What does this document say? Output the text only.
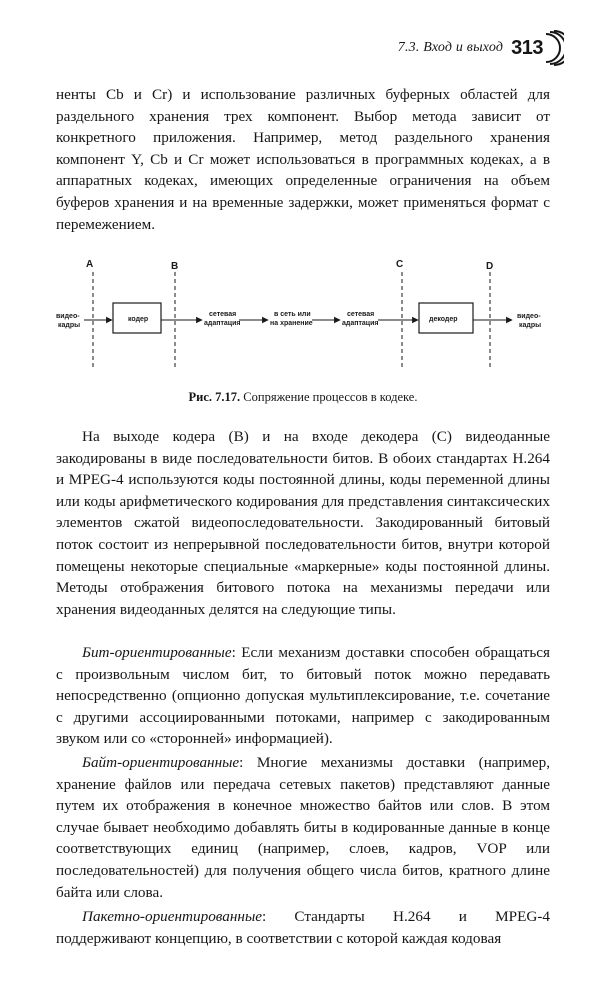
7.3. Вход и выход 313

ненты Cb и Cr) и использование различных буферных областей для раздельного хранения трех компонент. Выбор метода зависит от конкретного приложения. Например, метод раздельного хранения компонент Y, Cb и Cr может использоваться в программных кодеках, а в аппаратных кодеках, имеющих определенные ограничения на объем буферов хранения и на временные задержки, может применяться формат с перемежением.

A	B	C	D
видео-
кадры
кодер
сетевая
адаптация
в сеть или
на хранение
сетевая
адаптация
декодер	видео-
кадры
Рис. 7.17. Сопряжение процессов в кодеке.

На выходе кодера (B) и на входе декодера (C) видеоданные закодированы в виде последовательности битов. В обоих стандартах H.264 и MPEG-4 используются коды постоянной длины, коды переменной длины или коды арифметического кодирования для представления синтаксических элементов сжатой видеопоследовательности. Закодированный битовый поток состоит из непрерывной последовательности битов, внутри которой помещены некоторые специальные «маркерные» коды постоянной длины. Методы отображения битового потока на механизмы передачи или хранения видеоданных делятся на следующие типы.

Бит-ориентированные: Если механизм доставки способен обращаться с произвольным числом бит, то битовый поток можно передавать непосредственно (опционно допуская мультиплексирование, т.е. сочетание с другими ассоциированными потоками, например с закодированным звуком или со «сторонней» информацией).

Байт-ориентированные: Многие механизмы доставки (например, хранение файлов или передача сетевых пакетов) представляют данные путем их отображения в конечное множество байтов или слов. В этом случае бывает необходимо добавлять биты в кодированные данные в конце соответствующих единиц (например, слоев, кадров, VOP или последовательностей) для получения общего числа битов, кратного длине байта или слова.

Пакетно-ориентированные: Стандарты H.264 и MPEG-4 поддерживают концепцию, в соответствии с которой каждая кодовая
